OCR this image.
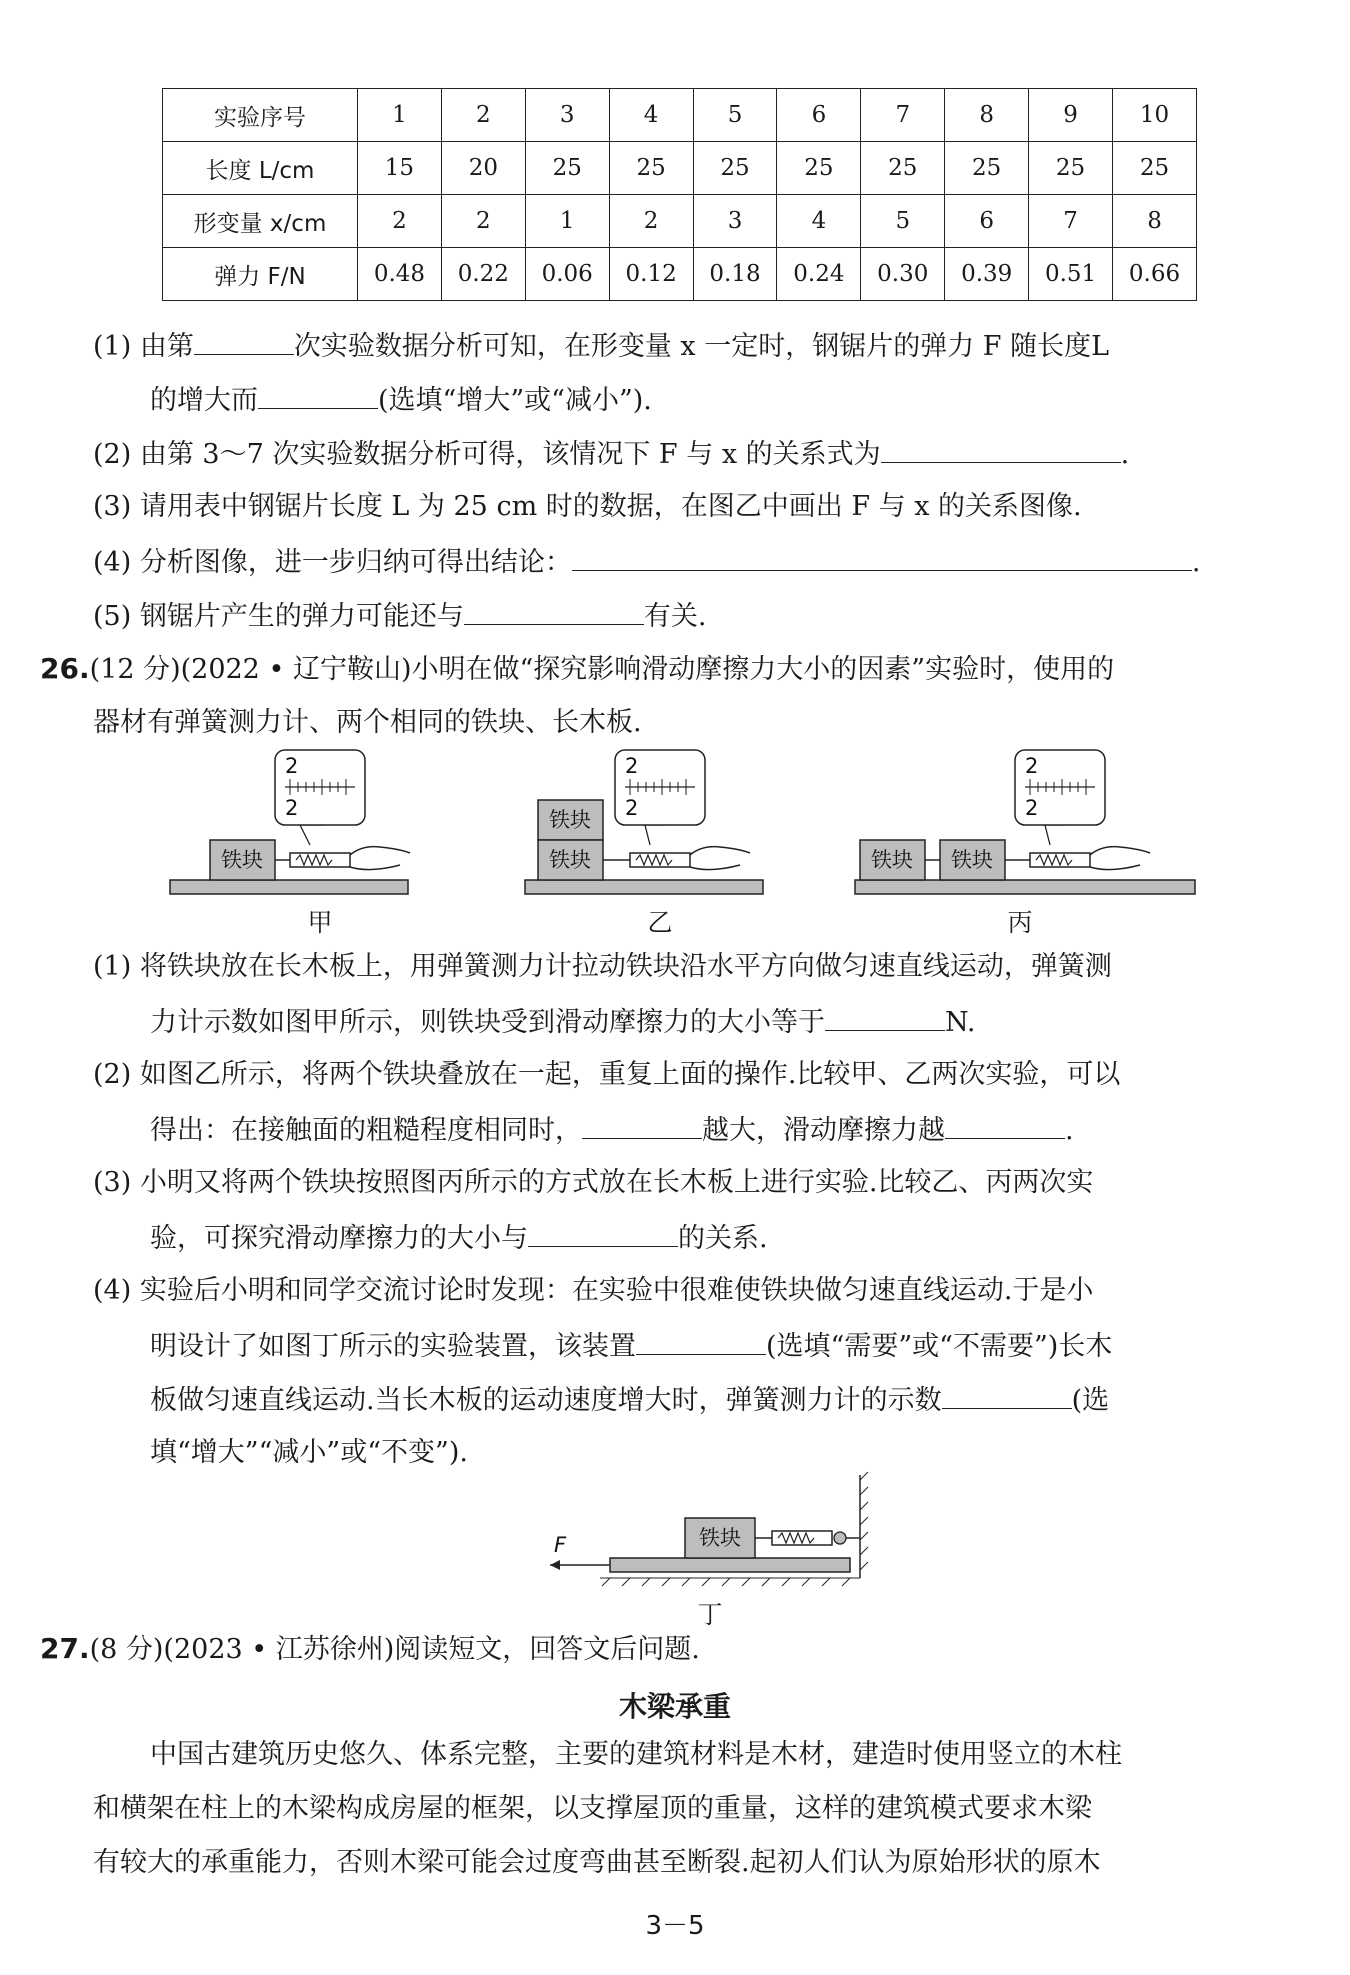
实验序号	1	2	3	4	5	6	7	8	9	10
长度 L/cm	15	20	25	25	25	25	25	25	25	25
形变量 x/cm	2	2	1	2	3	4	5	6	7	8
弹力 F/N	0.48	0.22	0.06	0.12	0.18	0.24	0.30	0.39	0.51	0.66
(1) 由第	次实验数据分析可知，在形变量 x 一定时，钢锯片的弹力 F 随长度L
的增大而	(选填“增大”或“减小”).
(2) 由第 3～7 次实验数据分析可得，该情况下 F 与 x 的关系式为	.
(3) 请用表中钢锯片长度 L 为 25 cm 时的数据，在图乙中画出 F 与 x 的关系图像.
(4) 分析图像，进一步归纳可得出结论：	.
(5) 钢锯片产生的弹力可能还与	有关.
26.(12 分)(2022 • 辽宁鞍山)小明在做“探究影响滑动摩擦力大小的因素”实验时，使用的
器材有弹簧测力计、两个相同的铁块、长木板.
铁块
2
2	铁块
铁块
2
2
铁块 铁块
2
2
甲	乙	丙
(1) 将铁块放在长木板上，用弹簧测力计拉动铁块沿水平方向做匀速直线运动，弹簧测
力计示数如图甲所示，则铁块受到滑动摩擦力的大小等于	N.
(2) 如图乙所示，将两个铁块叠放在一起，重复上面的操作.比较甲、乙两次实验，可以
得出：在接触面的粗糙程度相同时，	越大，滑动摩擦力越	.
(3) 小明又将两个铁块按照图丙所示的方式放在长木板上进行实验.比较乙、丙两次实
验，可探究滑动摩擦力的大小与	的关系.
(4) 实验后小明和同学交流讨论时发现：在实验中很难使铁块做匀速直线运动.于是小
明设计了如图丁所示的实验装置，该装置	(选填“需要”或“不需要”)长木
板做匀速直线运动.当长木板的运动速度增大时，弹簧测力计的示数	(选
填“增大”“减小”或“不变”).
铁块
F
丁
27.(8 分)(2023 • 江苏徐州)阅读短文，回答文后问题.
木梁承重
中国古建筑历史悠久、体系完整，主要的建筑材料是木材，建造时使用竖立的木柱
和横架在柱上的木梁构成房屋的框架，以支撑屋顶的重量，这样的建筑模式要求木梁
有较大的承重能力，否则木梁可能会过度弯曲甚至断裂.起初人们认为原始形状的原木
3－5
